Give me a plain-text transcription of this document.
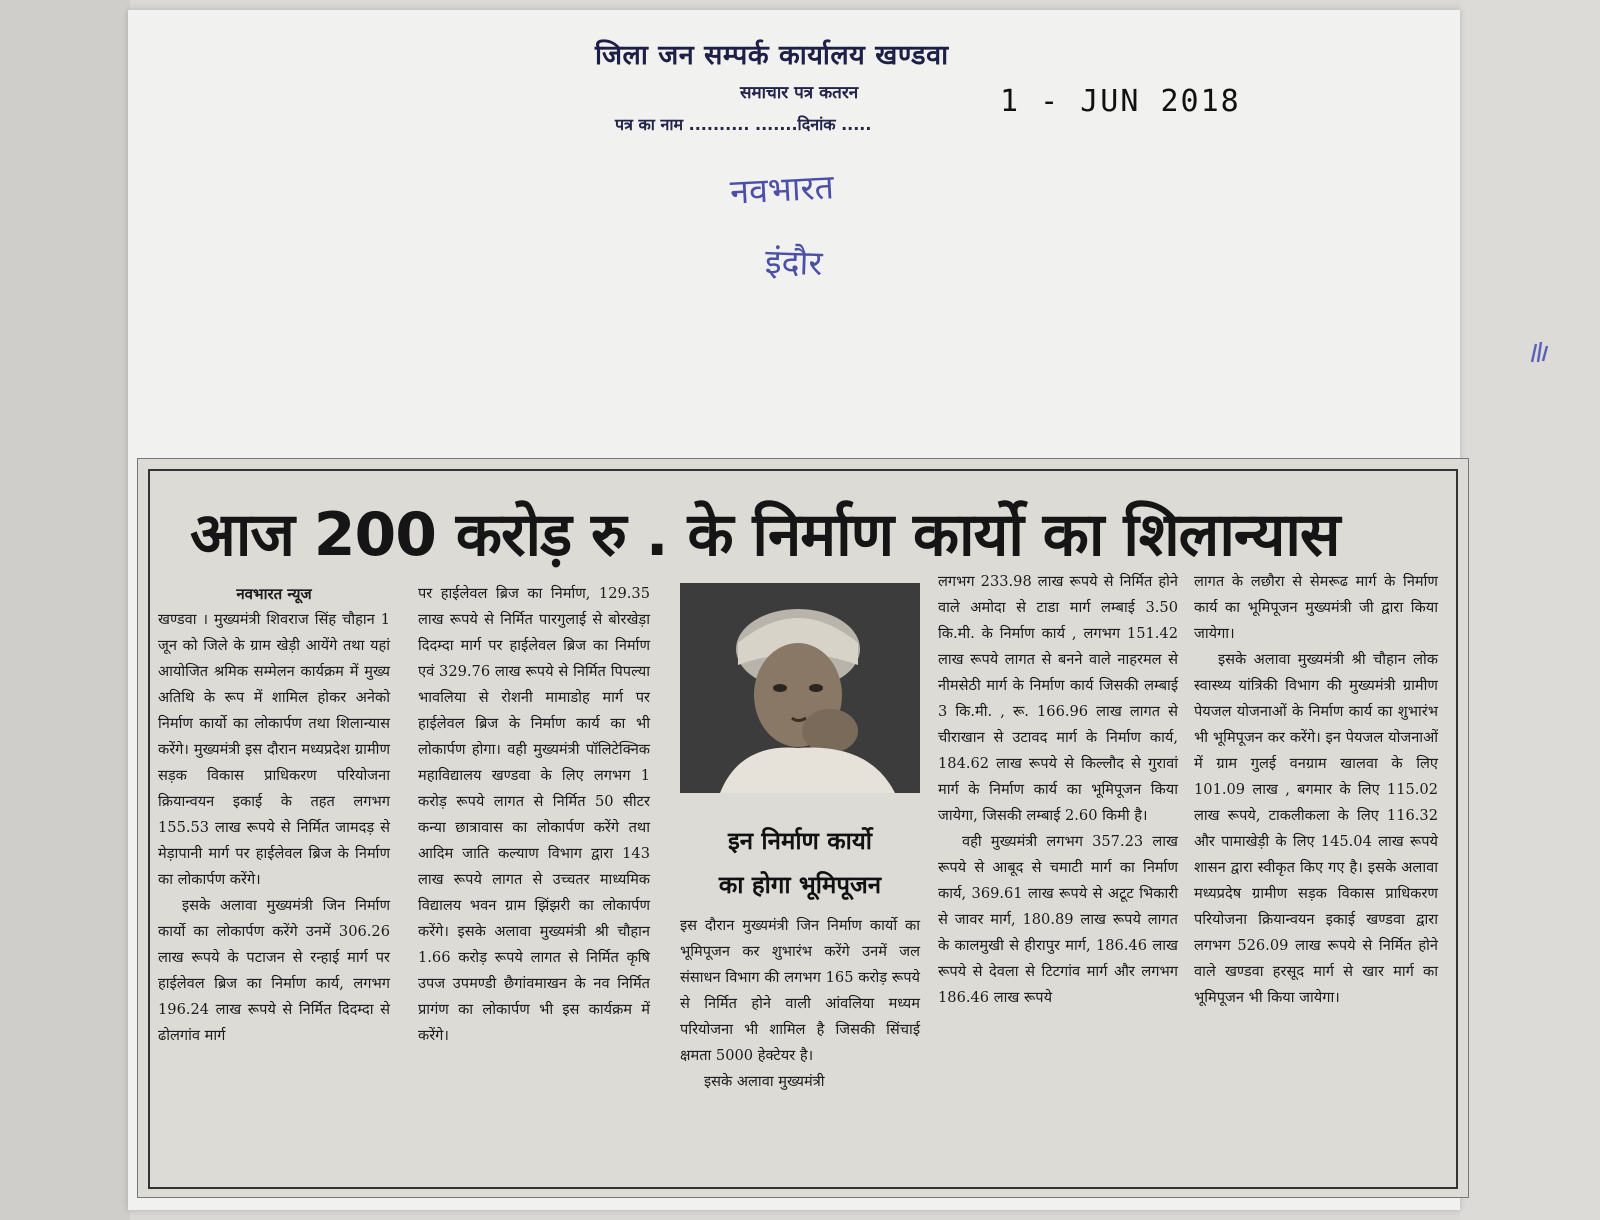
जिला जन सम्पर्क कार्यालय खण्डवा
समाचार पत्र कतरन	1 - JUN 2018
पत्र का नाम .......... .......दिनांक .....
नवभारत
इंदौर
आज 200 करोड़ रु . के निर्माण कार्यो का शिलान्यास
नवभारत न्यूज

खण्डवा । मुख्यमंत्री शिवराज सिंह चौहान 1 जून को जिले के ग्राम खेड़ी आयेंगे तथा यहां आयोजित श्रमिक सम्मेलन कार्यक्रम में मुख्य अतिथि के रूप में शामिल होकर अनेको निर्माण कार्यो का लोकार्पण तथा शिलान्यास करेंगे। मुख्यमंत्री इस दौरान मध्यप्रदेश ग्रामीण सड़क विकास प्राधिकरण परियोजना क्रियान्वयन इकाई के तहत लगभग 155.53 लाख रूपये से निर्मित जामदड़ से मेड़ापानी मार्ग पर हाईलेवल ब्रिज के निर्माण का लोकार्पण करेंगे।

इसके अलावा मुख्यमंत्री जिन निर्माण कार्यो का लोकार्पण करेंगे उनमें 306.26 लाख रूपये के पटाजन से रन्हाई मार्ग पर हाईलेवल ब्रिज का निर्माण कार्य, लगभग 196.24 लाख रूपये से निर्मित दिदम्दा से ढोलगांव मार्ग

पर हाईलेवल ब्रिज का निर्माण, 129.35 लाख रूपये से निर्मित पारगुलाई से बोरखेड़ा दिदम्दा मार्ग पर हाईलेवल ब्रिज का निर्माण एवं 329.76 लाख रूपये से निर्मित पिपल्या भावलिया से रोशनी मामाडोह मार्ग पर हाईलेवल ब्रिज के निर्माण कार्य का भी लोकार्पण होगा। वही मुख्यमंत्री पॉलिटेक्निक महाविद्यालय खण्डवा के लिए लगभग 1 करोड़ रूपये लागत से निर्मित 50 सीटर कन्या छात्रावास का लोकार्पण करेंगे तथा आदिम जाति कल्याण विभाग द्वारा 143 लाख रूपये लागत से उच्चतर माध्यमिक विद्यालय भवन ग्राम झिंझरी का लोकार्पण करेंगे। इसके अलावा मुख्यमंत्री श्री चौहान 1.66 करोड़ रूपये लागत से निर्मित कृषि उपज उपमण्डी छैगांवमाखन के नव निर्मित प्रागंण का लोकार्पण भी इस कार्यक्रम में करेंगे।

इन निर्माण कार्यो
का होगा भूमिपूजन

इस दौरान मुख्यमंत्री जिन निर्माण कार्यो का भूमिपूजन कर शुभारंभ करेंगे उनमें जल संसाधन विभाग की लगभग 165 करोड़ रूपये से निर्मित होने वाली आंवलिया मध्यम परियोजना भी शामिल है जिसकी सिंचाई क्षमता 5000 हेक्टेयर है।

इसके अलावा मुख्यमंत्री

लगभग 233.98 लाख रूपये से निर्मित होने वाले अमोदा से टाडा मार्ग लम्बाई 3.50 कि.मी. के निर्माण कार्य , लगभग 151.42 लाख रूपये लागत से बनने वाले नाहरमल से नीमसेठी मार्ग के निर्माण कार्य जिसकी लम्बाई 3 कि.मी. , रू. 166.96 लाख लागत से चीराखान से उटावद मार्ग के निर्माण कार्य, 184.62 लाख रूपये से किल्लौद से गुरावां मार्ग के निर्माण कार्य का भूमिपूजन किया जायेगा, जिसकी लम्बाई 2.60 किमी है।

वही मुख्यमंत्री लगभग 357.23 लाख रूपये से आबूद से चमाटी मार्ग का निर्माण कार्य, 369.61 लाख रूपये से अटूट भिकारी से जावर मार्ग, 180.89 लाख रूपये लागत के कालमुखी से हीरापुर मार्ग, 186.46 लाख रूपये से देवला से टिटगांव मार्ग और लगभग 186.46 लाख रूपये

लागत के लछौरा से सेमरूढ मार्ग के निर्माण कार्य का भूमिपूजन मुख्यमंत्री जी द्वारा किया जायेगा।

इसके अलावा मुख्यमंत्री श्री चौहान लोक स्वास्थ्य यांत्रिकी विभाग की मुख्यमंत्री ग्रामीण पेयजल योजनाओं के निर्माण कार्य का शुभारंभ भी भूमिपूजन कर करेंगे। इन पेयजल योजनाओं में ग्राम गुलई वनग्राम खालवा के लिए 101.09 लाख , बगमार के लिए 115.02 लाख रूपये, टाकलीकला के लिए 116.32 और पामाखेड़ी के लिए 145.04 लाख रूपये शासन द्वारा स्वीकृत किए गए है। इसके अलावा मध्यप्रदेष ग्रामीण सड़क विकास प्राधिकरण परियोजना क्रियान्वयन इकाई खण्डवा द्वारा लगभग 526.09 लाख रूपये से निर्मित होने वाले खण्डवा हरसूद मार्ग से खार मार्ग का भूमिपूजन भी किया जायेगा।
